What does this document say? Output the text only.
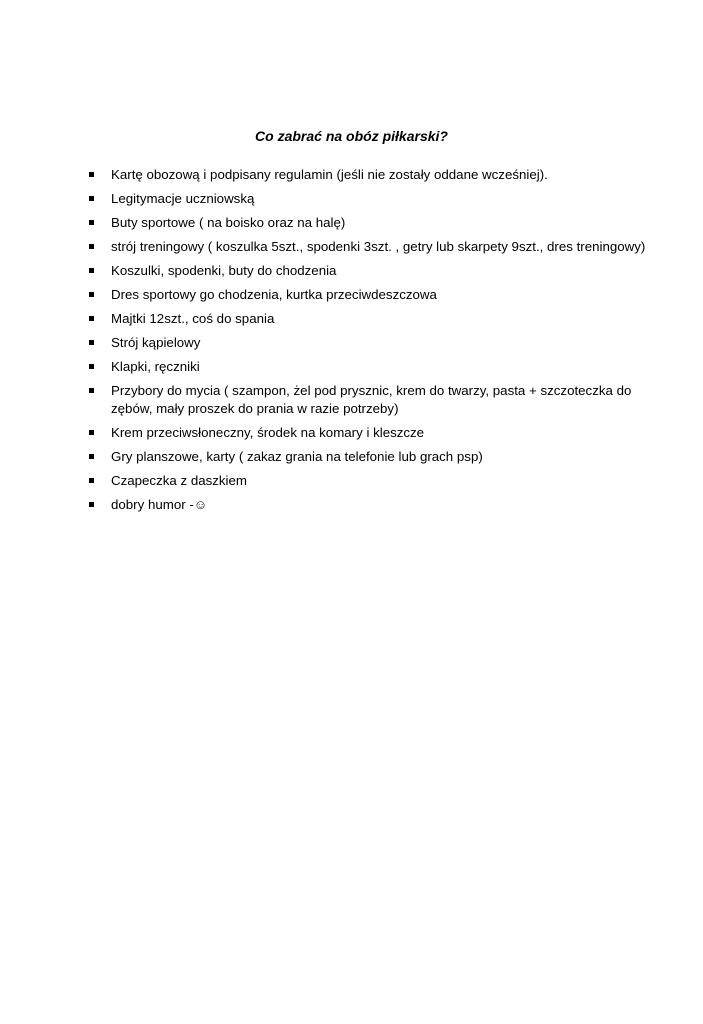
Co zabrać na obóz piłkarski?
Kartę obozową i podpisany regulamin (jeśli nie zostały oddane wcześniej).
Legitymacje uczniowską
Buty sportowe ( na boisko oraz na halę)
strój treningowy ( koszulka 5szt., spodenki 3szt. , getry lub skarpety 9szt., dres treningowy)
Koszulki, spodenki, buty do chodzenia
Dres sportowy go chodzenia, kurtka przeciwdeszczowa
Majtki 12szt., coś do spania
Strój kąpielowy
Klapki, ręczniki
Przybory do mycia ( szampon, żel pod prysznic, krem do twarzy, pasta + szczoteczka do zębów, mały proszek do prania w razie potrzeby)
Krem przeciwsłoneczny, środek na komary i kleszcze
Gry planszowe, karty ( zakaz grania na telefonie lub grach psp)
Czapeczka z daszkiem
dobry humor -☺
